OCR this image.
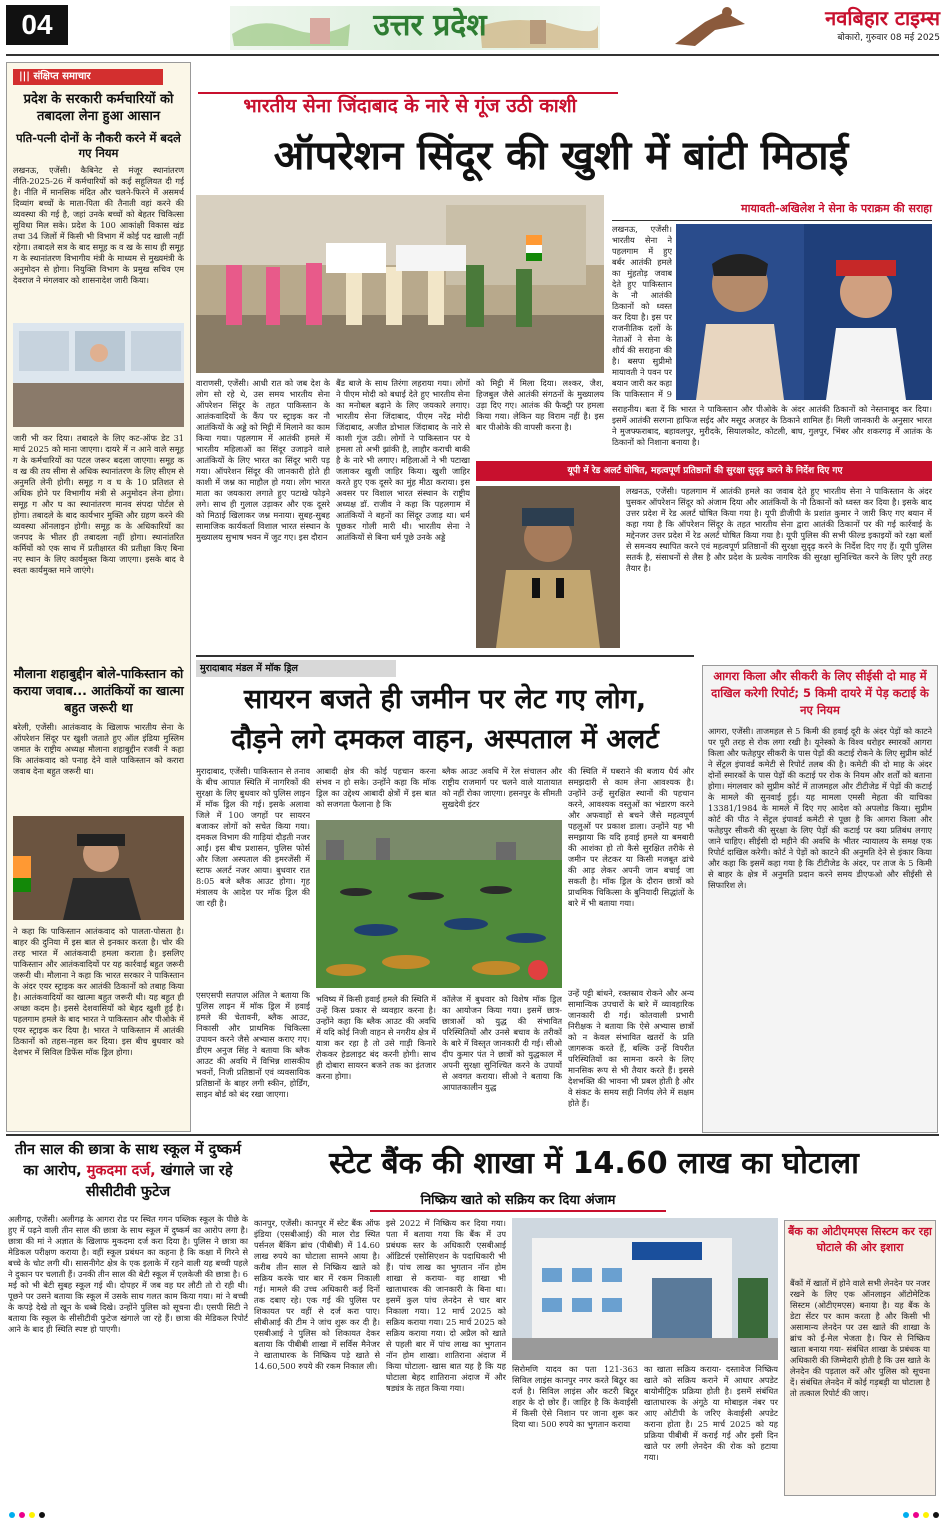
04	उत्तर प्रदेश	नवबिहार टाइम्स
बोकारो, गुरुवार 08 मई 2025
||| संक्षिप्त समाचार
प्रदेश के सरकारी कर्मचारियों को तबादला लेना हुआ आसान
पति-पत्नी दोनों के नौकरी करने में बदले गए नियम
लखनऊ, एजेंसी। कैबिनेट से मंजूर स्थानांतरण नीति-2025-26 में कर्मचारियों को कई सहूलियत दी गई है। नीति में मानसिक मंदित और चलने-फिरने में असमर्थ दिव्यांग बच्चों के माता-पिता की तैनाती वहां करने की व्यवस्था की गई है, जहां उनके बच्चों को बेहतर चिकित्सा सुविधा मिल सके। प्रदेश के 100 आकांक्षी विकास खंड तथा 34 जिलों में किसी भी विभाग में कोई पद खाली नहीं रहेगा। तबादले सत्र के बाद समूह क व ख के साथ ही समूह ग के स्थानांतरण विभागीय मंत्री के माध्यम से मुख्यमंत्री के अनुमोदन से होगा। नियुक्ति विभाग के प्रमुख सचिव एम देवराज ने मंगलवार को शासनादेश जारी किया।
जारी भी कर दिया। तबादले के लिए कट-ऑफ डेट 31 मार्च 2025 को माना जाएगा। दायरे में न आने वाले समूह ग के कर्मचारियों का पटल जरूर बदला जाएगा। समूह क व ख की तय सीमा से अधिक स्थानांतरण के लिए सीएम से अनुमति लेनी होगी। समूह ग व घ के 10 प्रतिशत से अधिक होने पर विभागीय मंत्री से अनुमोदन लेना होगा। समूह ग और घ का स्थानांतरण मानव संपदा पोर्टल से होगा। तबादले के बाद कार्यभार मुक्ति और ग्रहण करने की व्यवस्था ऑनलाइन होगी। समूह क के अधिकारियों का जनपद के भीतर ही तबादला नहीं होगा। स्थानांतरित कर्मियों को एक साथ में प्रतीक्षारत की प्रतीक्षा किए बिना नए स्थान के लिए कार्यमुक्त किया जाएगा। इसके बाद वे स्वतः कार्यमुक्त माने जाएंगे।
मौलाना शहाबुद्दीन बोले-पाकिस्तान को कराया जवाब... आतंकियों का खात्मा बहुत जरूरी था
बरेली, एजेंसी। आतंकवाद के खिलाफ भारतीय सेना के ऑपरेशन सिंदूर पर खुशी जताते हुए ऑल इंडिया मुस्लिम जमात के राष्ट्रीय अध्यक्ष मौलाना शहाबुद्दीन रजवी ने कहा कि आतंकवाद को पनाह देने वाले पाकिस्तान को करारा जवाब देना बहुत जरूरी था।
ने कहा कि पाकिस्तान आतंकवाद को पालता-पोसता है। बाहर की दुनिया में इस बात से इनकार करता है। चोर की तरह भारत में आतंकवादी हमला कराता है। इसलिए पाकिस्तान और आतंकवादियों पर यह कार्रवाई बहुत जरूरी जरूरी थी। मौलाना ने कहा कि भारत सरकार ने पाकिस्तान के अंदर एयर स्ट्राइक कर आतंकी ठिकानों को तबाह किया है। आतंकवादियों का खात्मा बहुत जरूरी थी। यह बहुत ही अच्छा कदम है। इससे देशवासियों को बेहद खुशी हुई है। पहलगाम हमले के बाद भारत ने पाकिस्तान और पीओके में एयर स्ट्राइक कर दिया है। भारत ने पाकिस्तान में आतंकी ठिकानों को तहस-नहस कर दिया। इस बीच बुधवार को देशभर में सिविल डिफेंस मॉक ड्रिल होगा।
भारतीय सेना जिंदाबाद के नारे से गूंज उठी काशी
ऑपरेशन सिंदूर की खुशी में बांटी मिठाई
वाराणसी, एजेंसी। आधी रात को जब देश के लोग सो रहे थे, उस समय भारतीय सेना ऑपरेशन सिंदूर के तहत पाकिस्तान के आतंकवादियों के कैंप पर स्ट्राइक कर नौ आतंकियों के अड्डे को मिट्टी में मिलाने का काम किया गया। पहलगाम में आतंकी हमले में भारतीय महिलाओं का सिंदूर उजाड़ने वाले आतंकियों के लिए भारत का सिंदूर भारी पड़ गया। ऑपरेशन सिंदूर की जानकारी होते ही काशी में जश्न का माहौल हो गया। लोग भारत माता का जयकारा लगाते हुए पटाखे फोड़ने लगे। साथ ही गुलाल उड़ाकर और एक दूसरे को मिठाई खिलाकर जश्न मनाया। सुबह-सुबह सामाजिक कार्यकर्ता विशाल भारत संस्थान के मुख्यालय सुभाष भवन में जुट गए। इस दौरान
बैंड बाजे के साथ तिरंगा लहराया गया। लोगों ने पीएम मोदी को बधाई देते हुए भारतीय सेना का मनोबल बढ़ाने के लिए जयकारे लगाए। भारतीय सेना जिंदाबाद, पीएम नरेंद्र मोदी जिंदाबाद, अजीत डोभाल जिंदाबाद के नारे से काशी गूंज उठी। लोगों ने पाकिस्तान पर ये हमला तो अभी झांकी है, लाहौर कराची बाकी है के नारे भी लगाए। महिलाओं ने भी पटाखा जलाकर खुशी जाहिर किया। खुशी जाहिर करते हुए एक दूसरे का मुंह मीठा कराया। इस अवसर पर विशाल भारत संस्थान के राष्ट्रीय अध्यक्ष डॉ. राजीव ने कहा कि पहलगाम में आतंकियों ने बहनों का सिंदूर उजाड़ था। धर्म पूछकर गोली मारी थी। भारतीय सेना ने आतंकियों से बिना धर्म पूछे उनके अड्डे
को मिट्टी में मिला दिया। लश्कर, जैश, हिजबुल जैसे आतंकी संगठनों के मुख्यालय उड़ा दिए गए। आतंक की फैक्ट्री पर हमला किया गया। लेकिन यह विराम नहीं है। इस बार पीओके की वापसी करना है।
मायावती-अखिलेश ने सेना के पराक्रम की सराहा
लखनऊ, एजेंसी। भारतीय सेना ने पहलगाम में हुए बर्बर आतंकी हमले का मुंहतोड़ जवाब देते हुए पाकिस्तान के नौ आतंकी ठिकानों को ध्वस्त कर दिया है। इस पर राजनीतिक दलों के नेताओं ने सेना के शौर्य की सराहना की है। बसपा सुप्रीमो मायावती ने पवन पर बयान जारी कर कहा कि पाकिस्तान में 9
सराहनीय। बता दें कि भारत ने पाकिस्तान और पीओके के अंदर आतंकी ठिकानों को नेस्तनाबूद कर दिया। इसमें आतंकी सरगना हाफिज सईद और मसूद अजहर के ठिकाने शामिल हैं। मिली जानकारी के अनुसार भारत ने मुजफ्फराबाद, बहावलपुर, मुरीदके, सियालकोट, कोटली, बाघ, गुलपुर, भिंबर और शकरगढ़ में आतंक के ठिकानों को निशाना बनाया है।
यूपी में रेड अलर्ट घोषित, महत्वपूर्ण प्रतिष्ठानों की सुरक्षा सुदृढ़ करने के निर्देश दिए गए
लखनऊ, एजेंसी। पहलगाम में आतंकी हमले का जवाब देते हुए भारतीय सेना ने पाकिस्तान के अंदर घुसकर ऑपरेशन सिंदूर को अंजाम दिया और आतंकियों के नौ ठिकानों को ध्वस्त कर दिया है। इसके बाद उत्तर प्रदेश में रेड अलर्ट घोषित किया गया है। यूपी डीजीपी के प्रशांत कुमार ने जारी किए गए बयान में कहा गया है कि ऑपरेशन सिंदूर के तहत भारतीय सेना द्वारा आतंकी ठिकानों पर की गई कार्रवाई के मद्देनजर उत्तर प्रदेश में रेड अलर्ट घोषित किया गया है। यूपी पुलिस की सभी फील्ड इकाइयों को रक्षा बलों से समन्वय स्थापित करने एवं महत्वपूर्ण प्रतिष्ठानों की सुरक्षा सुदृढ़ करने के निर्देश दिए गए हैं। यूपी पुलिस सतर्क है, संसाधनों से लैस है और प्रदेश के प्रत्येक नागरिक की सुरक्षा सुनिश्चित करने के लिए पूरी तरह तैयार है।
मुरादाबाद मंडल में मॉक ड्रिल
सायरन बजते ही जमीन पर लेट गए लोग,
दौड़ने लगे दमकल वाहन, अस्पताल में अलर्ट
मुरादाबाद, एजेंसी। पाकिस्तान से तनाव के बीच आपात स्थिति में नागरिकों की सुरक्षा के लिए बुधवार को पुलिस लाइन में मॉक ड्रिल की गई। इसके अलावा जिले में 100 जगहों पर सायरन बजाकर लोगों को सचेत किया गया। दमकल विभाग की गाड़ियां दौड़ती नजर आईं। इस बीच प्रशासन, पुलिस फोर्स और जिला अस्पताल की इमरजेंसी में स्टाफ अलर्ट नजर आया। बुधवार रात 8:05 बजे ब्लैक आउट होगा। गृह मंत्रालय के आदेश पर मॉक ड्रिल की जा रही है।
आबादी क्षेत्र की कोई पहचान करना संभव न हो सके। उन्होंने कहा कि मॉक ड्रिल का उद्देश्य आबादी क्षेत्रों में इस बात को सजगता फैलाना है कि
ब्लैक आउट अवधि में रेल संचालन और राष्ट्रीय राजमार्ग पर चलने वाले यातायात को नहीं रोका जाएगा। हसनपुर के सीमती सुखदेवी इंटर
की स्थिति में घबराने की बजाय धैर्य और समझदारी से काम लेना आवश्यक है। उन्होंने उन्हें सुरक्षित स्थानों की पहचान करने, आवश्यक वस्तुओं का भंडारण करने और अफवाहों से बचने जैसे महत्वपूर्ण पहलुओं पर प्रकाश डाला। उन्होंने यह भी समझाया कि यदि हवाई हमले या बमबारी की आशंका हो तो कैसे सुरक्षित तरीके से जमीन पर लेटकर या किसी मजबूत ढांचे की आड़ लेकर अपनी जान बचाई जा सकती है। मॉक ड्रिल के दौरान छात्रों को प्राथमिक चिकित्सा के बुनियादी सिद्धांतों के बारे में भी बताया गया।
उन्हें पट्टी बांधने, रक्तस्राव रोकने और अन्य सामान्यिक उपचारों के बारे में व्यावहारिक जानकारी दी गई। कोतवाली प्रभारी निरीक्षक ने बताया कि ऐसे अभ्यास छात्रों को न केवल संभावित खतरों के प्रति जागरूक करते हैं, बल्कि उन्हें विपरीत परिस्थितियों का सामना करने के लिए मानसिक रूप से भी तैयार करते हैं। इससे देशभक्ति की भावना भी प्रबल होती है और वे संकट के समय सही निर्णय लेने में सक्षम होते हैं।
एसएसपी सतपाल अंतिल ने बताया कि पुलिस लाइन में मॉक ड्रिल में हवाई हमले की चेतावनी, ब्लैक आउट, निकासी और प्राथमिक चिकित्सा उपायन करने जैसे अभ्यास कराए गए। डीएम अनुज सिंह ने बताया कि ब्लैक आउट की अवधि में विभिन्न शासकीय भवनों, निजी प्रतिष्ठानों एवं व्यवसायिक प्रतिष्ठानों के बाहर लगी स्कीन, होर्डिंग, साइन बोर्ड को बंद रखा जाएगा।
भविष्य में किसी हवाई हमले की स्थिति में उन्हें किस प्रकार से व्यवहार करना है। उन्होंने कहा कि ब्लैक आउट की अवधि में यदि कोई निजी वाहन से नगरीय क्षेत्र में यात्रा कर रहा है तो उसे गाड़ी किनारे रोककर हेडलाइट बंद करनी होगी। साथ ही दोबारा सायरन बजने तक का इंतजार करना होगा।
कॉलेज में बुधवार को विशेष मॉक ड्रिल का आयोजन किया गया। इसमें छात्र-छात्राओं को युद्ध की संभावित परिस्थितियों और उनसे बचाव के तरीकों के बारे में विस्तृत जानकारी दी गई। सीओ दीप कुमार पंत ने छात्रों को युद्धकाल में अपनी सुरक्षा सुनिश्चित करने के उपायों से अवगत कराया। सीओ ने बताया कि आपातकालीन युद्ध
आगरा किला और सीकरी के लिए सीईसी दो माह में दाखिल करेगी रिपोर्ट; 5 किमी दायरे में पेड़ कटाई के नए नियम
आगरा, एजेंसी। ताजमहल से 5 किमी की हवाई दूरी के अंदर पेड़ों को काटने पर पूरी तरह से रोक लगा रखी है। यूनेस्को के विश्व धरोहर स्मारकों आगरा किला और फतेहपुर सीकरी के पास पेड़ों की कटाई रोकने के लिए सुप्रीम कोर्ट ने सेंट्रल इंपावर्ड कमेटी से रिपोर्ट तलब की है। कमेटी की दो माह के अंदर दोनों स्मारकों के पास पेड़ों की कटाई पर रोक के नियम और शर्तों को बताना होगा। मंगलवार को सुप्रीम कोर्ट में ताजमहल और टीटीजेड में पेड़ों की कटाई के मामले की सुनवाई हुई। यह मामला एमसी मेहता की याचिका 13381/1984 के मामले में दिए गए आदेश को अपलोड किया। सुप्रीम कोर्ट की पीठ ने सेंट्रल इंपावर्ड कमेटी से पूछा है कि आगरा किला और फतेहपुर सीकरी की सुरक्षा के लिए पेड़ों की कटाई पर क्या प्रतिबंध लगाए जाने चाहिए। सीईसी दो महीने की अवधि के भीतर न्यायालय के समक्ष एक रिपोर्ट दाखिल करेगी। कोर्ट ने पेड़ों को काटने की अनुमति देने से इंकार किया और कहा कि इसमें कहा गया है कि टीटीजेड के अंदर, पर ताज के 5 किमी से बाहर के क्षेत्र में अनुमति प्रदान करने समय डीएफओ और सीईसी से सिफारिश ले।
तीन साल की छात्रा के साथ स्कूल में दुष्कर्म का आरोप, मुकदमा दर्ज, खंगाले जा रहे सीसीटीवी फुटेज
अलीगढ़, एजेंसी। अलीगढ़ के आगरा रोड पर स्थित गगन पब्लिक स्कूल के पीछे के हुए में पढ़ने वाली तीन साल की छात्रा के साथ स्कूल में दुष्कर्म का आरोप लगा है। छात्रा की मां ने अज्ञात के खिलाफ मुकदमा दर्ज करा दिया है। पुलिस ने छात्रा का मेडिकल परीक्षण कराया है। वहीं स्कूल प्रबंधन का कहना है कि कक्षा में गिरने से बच्चे के चोट लगी थी। सासनीगेट क्षेत्र के एक इलाके में रहने वाली यह बच्ची पहले ने दुकान पर चलाती हैं। उनकी तीन साल की बेटी स्कूल में एलकेजी की छात्रा है। 6 मई को भी बेटी सुबह स्कूल गई थी। दोपहर में जब वह घर लौटी तो रो रही थी। पूछने पर उसने बताया कि स्कूल में उसके साथ गलत काम किया गया। मां ने बच्ची के कपड़े देखे तो खून के धब्बे दिखे। उन्होंने पुलिस को सूचना दी। एसपी सिटी ने बताया कि स्कूल के सीसीटीवी फुटेज खंगाले जा रहे हैं। छात्रा की मेडिकल रिपोर्ट आने के बाद ही स्थिति स्पष्ट हो पाएगी।
स्टेट बैंक की शाखा में 14.60 लाख का घोटाला
निष्क्रिय खाते को सक्रिय कर दिया अंजाम
कानपुर, एजेंसी। कानपुर में स्टेट बैंक ऑफ इंडिया (एसबीआई) की माल रोड स्थित पर्सनल बैंकिंग ब्रांच (पीबीबी) में 14.60 लाख रुपये का घोटाला सामने आया है। करीब तीन साल से निष्क्रिय खाते को सक्रिय करके चार बार में रकम निकाली गई। मामले की उच्च अधिकारी कई दिनों तक दबाए रहे। एक गई की पुलिस पर शिकायत पर वहीं से दर्ज करा पाए। सीबीआई की टीम ने जांच शुरू कर दी है। एसबीआई ने पुलिस को शिकायत देकर बताया कि पीबीबी शाखा में सर्विस मैनेजर ने खाताधारक के निष्क्रिय पड़े खाते से 14.60,500 रुपये की रकम निकाल ली।
इसे 2022 में निष्क्रिय कर दिया गया। पता में बताया गया कि बैंक में उप प्रबंधक स्तर के अधिकारी एसबीआई ऑडिटर्स एसोसिएशन के पदाधिकारी भी हैं। पांच लाख का भुगतान नॉन होम शाखा से कराया- वह शाखा भी खाताधारक की जानकारी के बिना था। इसमें कुल पांच लेनदेन से चार बार निकाला गया। 12 मार्च 2025 को सक्रिय कराया गया। 25 मार्च 2025 को सक्रिय कराया गया। दो अप्रैल को खाते से पहली बार में पांच लाख का भुगतान नॉन होम शाखा। शातिराना अंदाज में किया घोटाला- खास बात यह है कि यह घोटाला बेहद शातिराना अंदाज में और षड्यंत्र के तहत किया गया।
सिरोमणि यादव का पता 121-363 सिविल लाइंस कानपुर नगर करते बिठूर का दर्ज है। सिविल लाइंस और कटरी बिठूर शहर के दो छोर हैं। जाहिर है कि केवाईसी में किसी ऐसे निशान पर जाना शुरू कर दिया था। 500 रुपये का भुगतान कराया
का खाता सक्रिय कराया- दस्तावेज निष्क्रिय खाते को सक्रिय कराने में आधार अपडेट बायोमीट्रिक प्रक्रिया होती है। इसमें संबंधित खाताधारक के अंगूठे या मोबाइल नंबर पर आए ओटीपी के जरिए केवाईसी अपडेट कराना होता है। 25 मार्च 2025 को यह प्रक्रिया पीबीबी में कराई गई और इसी दिन खाते पर लगी लेनदेन की रोक को हटाया गया।
बैंक का ओटीएमएस सिस्टम कर रहा घोटाले की ओर इशारा
बैंकों में खातों में होने वाले सभी लेनदेन पर नजर रखने के लिए एक ऑनलाइन ऑटोमेटिक सिस्टम (ओटीएमएस) बनाया है। यह बैंक के डेटा सेंटर पर काम करता है और किसी भी असामान्य लेनदेन पर उस खाते की शाखा के ब्रांच को ई-मेल भेजता है। फिर से निष्क्रिय खाता बनाया गया- संबंधित शाखा के प्रबंधक या अधिकारी की जिम्मेदारी होती है कि उस खाते के लेनदेन की पड़ताल करें और पुलिस को सूचना दें। संबंधित लेनदेन में कोई गड़बड़ी या घोटाला है तो तत्काल रिपोर्ट की जाए।
